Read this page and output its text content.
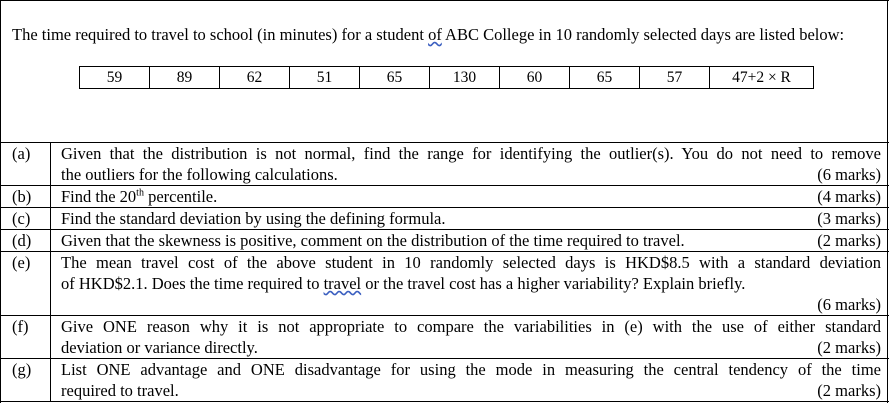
The time required to travel to school (in minutes) for a student of ABC College in 10 randomly selected days are listed below:
59	89	62	51	65	130	60	65	57	47+2 × R
(a)	Given that the distribution is not normal, find the range for identifying the outlier(s). You do not need to remove
the outliers for the following calculations.	(6 marks)
(b)	Find the 20th percentile.	(4 marks)
(c)	Find the standard deviation by using the defining formula.	(3 marks)
(d)	Given that the skewness is positive, comment on the distribution of the time required to travel.	(2 marks)
(e)	The mean travel cost of the above student in 10 randomly selected days is HKD$8.5 with a standard deviation
of HKD$2.1. Does the time required to travel or the travel cost has a higher variability? Explain briefly.
(6 marks)
(f)	Give ONE reason why it is not appropriate to compare the variabilities in (e) with the use of either standard
deviation or variance directly.	(2 marks)
(g)	List ONE advantage and ONE disadvantage for using the mode in measuring the central tendency of the time
required to travel.	(2 marks)
